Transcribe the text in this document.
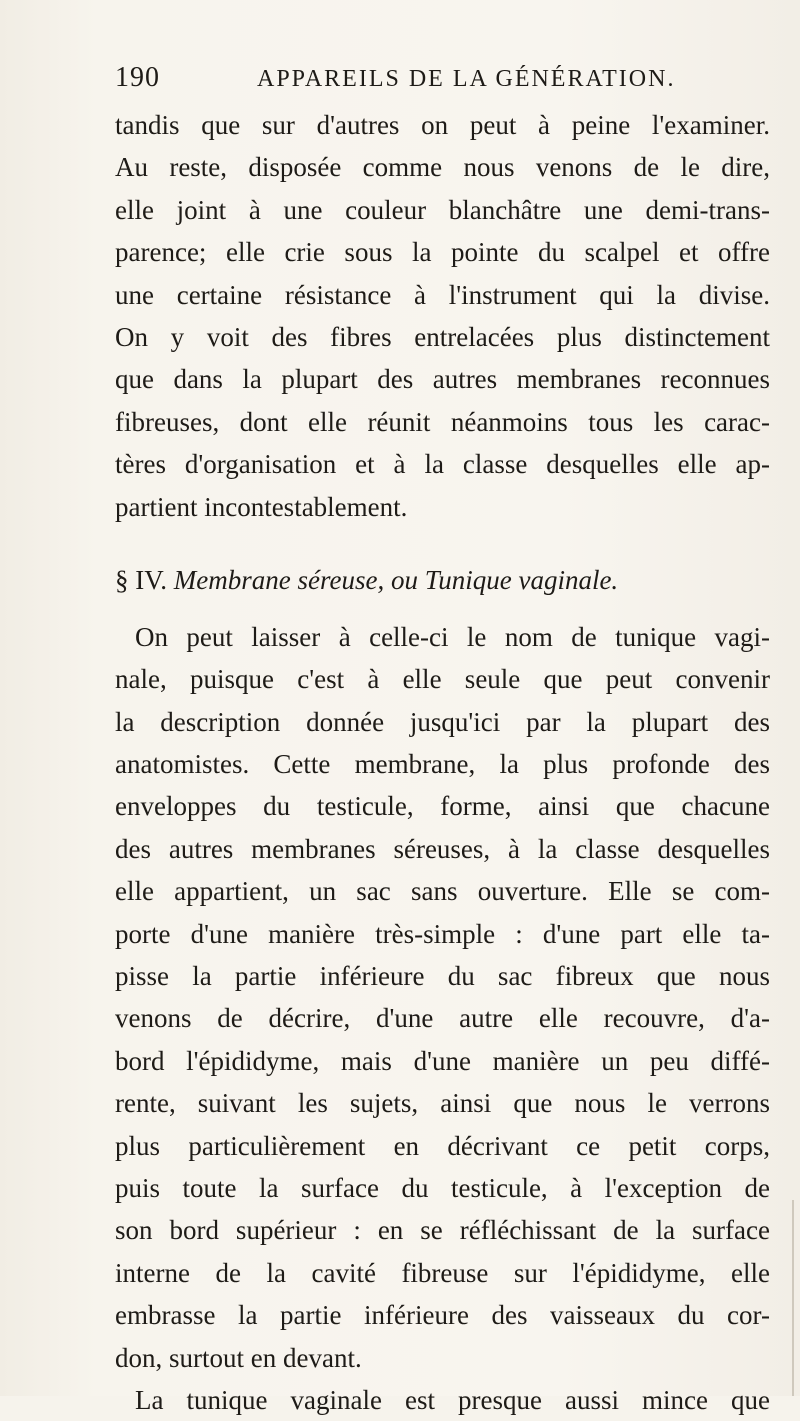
190	APPAREILS DE LA GÉNÉRATION.
tandis que sur d'autres on peut à peine l'examiner.
Au reste, disposée comme nous venons de le dire,
elle joint à une couleur blanchâtre une demi-trans-
parence; elle crie sous la pointe du scalpel et offre
une certaine résistance à l'instrument qui la divise.
On y voit des fibres entrelacées plus distinctement
que dans la plupart des autres membranes reconnues
fibreuses, dont elle réunit néanmoins tous les carac-
tères d'organisation et à la classe desquelles elle ap-
partient incontestablement.
§ IV. Membrane séreuse, ou Tunique vaginale.
On peut laisser à celle-ci le nom de tunique vagi-
nale, puisque c'est à elle seule que peut convenir
la description donnée jusqu'ici par la plupart des
anatomistes. Cette membrane, la plus profonde des
enveloppes du testicule, forme, ainsi que chacune
des autres membranes séreuses, à la classe desquelles
elle appartient, un sac sans ouverture. Elle se com-
porte d'une manière très-simple : d'une part elle ta-
pisse la partie inférieure du sac fibreux que nous
venons de décrire, d'une autre elle recouvre, d'a-
bord l'épididyme, mais d'une manière un peu diffé-
rente, suivant les sujets, ainsi que nous le verrons
plus particulièrement en décrivant ce petit corps,
puis toute la surface du testicule, à l'exception de
son bord supérieur : en se réfléchissant de la surface
interne de la cavité fibreuse sur l'épididyme, elle
embrasse la partie inférieure des vaisseaux du cor-
don, surtout en devant.
La tunique vaginale est presque aussi mince que
